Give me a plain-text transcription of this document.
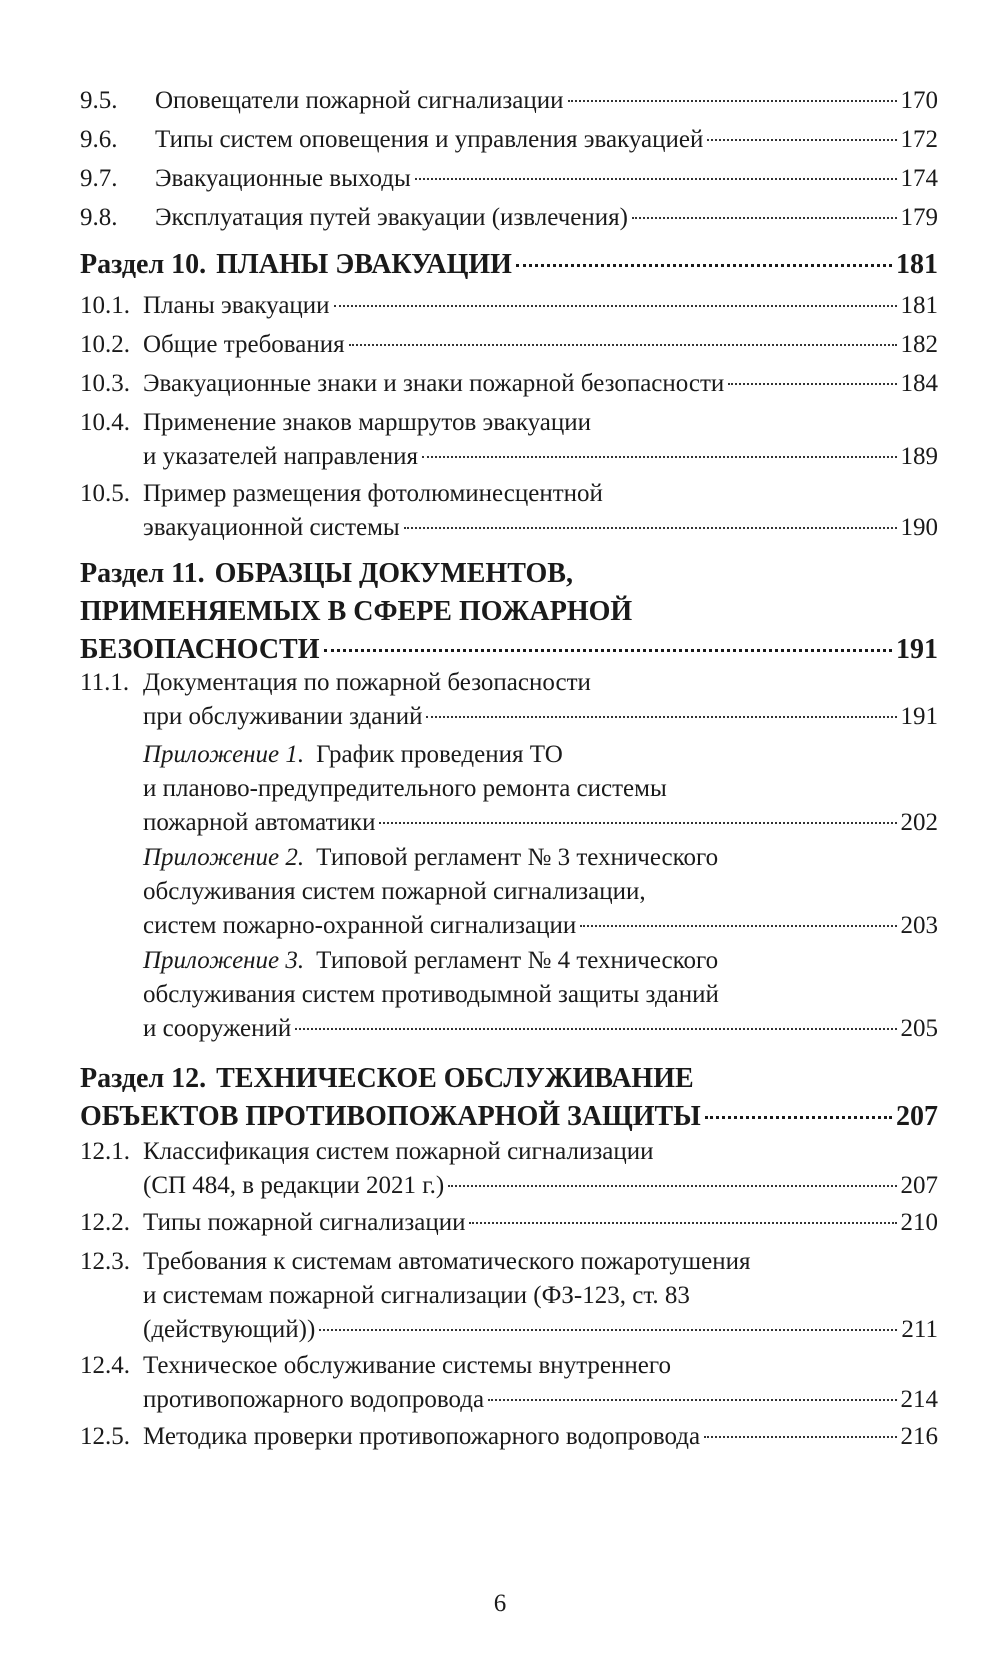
9.5. Оповещатели пожарной сигнализации	170
9.6. Типы систем оповещения и управления эвакуацией	172
9.7. Эвакуационные выходы	174
9.8. Эксплуатация путей эвакуации (извлечения)	179
Раздел 10. ПЛАНЫ ЭВАКУАЦИИ	181
10.1. Планы эвакуации	181
10.2. Общие требования	182
10.3. Эвакуационные знаки и знаки пожарной безопасности	184
10.4. Применение знаков маршрутов эвакуации
и указателей направления	189
10.5. Пример размещения фотолюминесцентной
эвакуационной системы	190
Раздел 11. ОБРАЗЦЫ ДОКУМЕНТОВ,
ПРИМЕНЯЕМЫХ В СФЕРЕ ПОЖАРНОЙ
БЕЗОПАСНОСТИ	191
11.1. Документация по пожарной безопасности
при обслуживании зданий	191
Приложение 1. График проведения ТО
и планово-предупредительного ремонта системы
пожарной автоматики	202
Приложение 2. Типовой регламент № 3 технического
обслуживания систем пожарной сигнализации,
систем пожарно-охранной сигнализации	203
Приложение 3. Типовой регламент № 4 технического
обслуживания систем противодымной защиты зданий
и сооружений	205
Раздел 12. ТЕХНИЧЕСКОЕ ОБСЛУЖИВАНИЕ
ОБЪЕКТОВ ПРОТИВОПОЖАРНОЙ ЗАЩИТЫ	207
12.1. Классификация систем пожарной сигнализации
(СП 484, в редакции 2021 г.)	207
12.2. Типы пожарной сигнализации	210
12.3. Требования к системам автоматического пожаротушения
и системам пожарной сигнализации (ФЗ-123, ст. 83
(действующий))	211
12.4. Техническое обслуживание системы внутреннего
противопожарного водопровода	214
12.5. Методика проверки противопожарного водопровода	216
6
